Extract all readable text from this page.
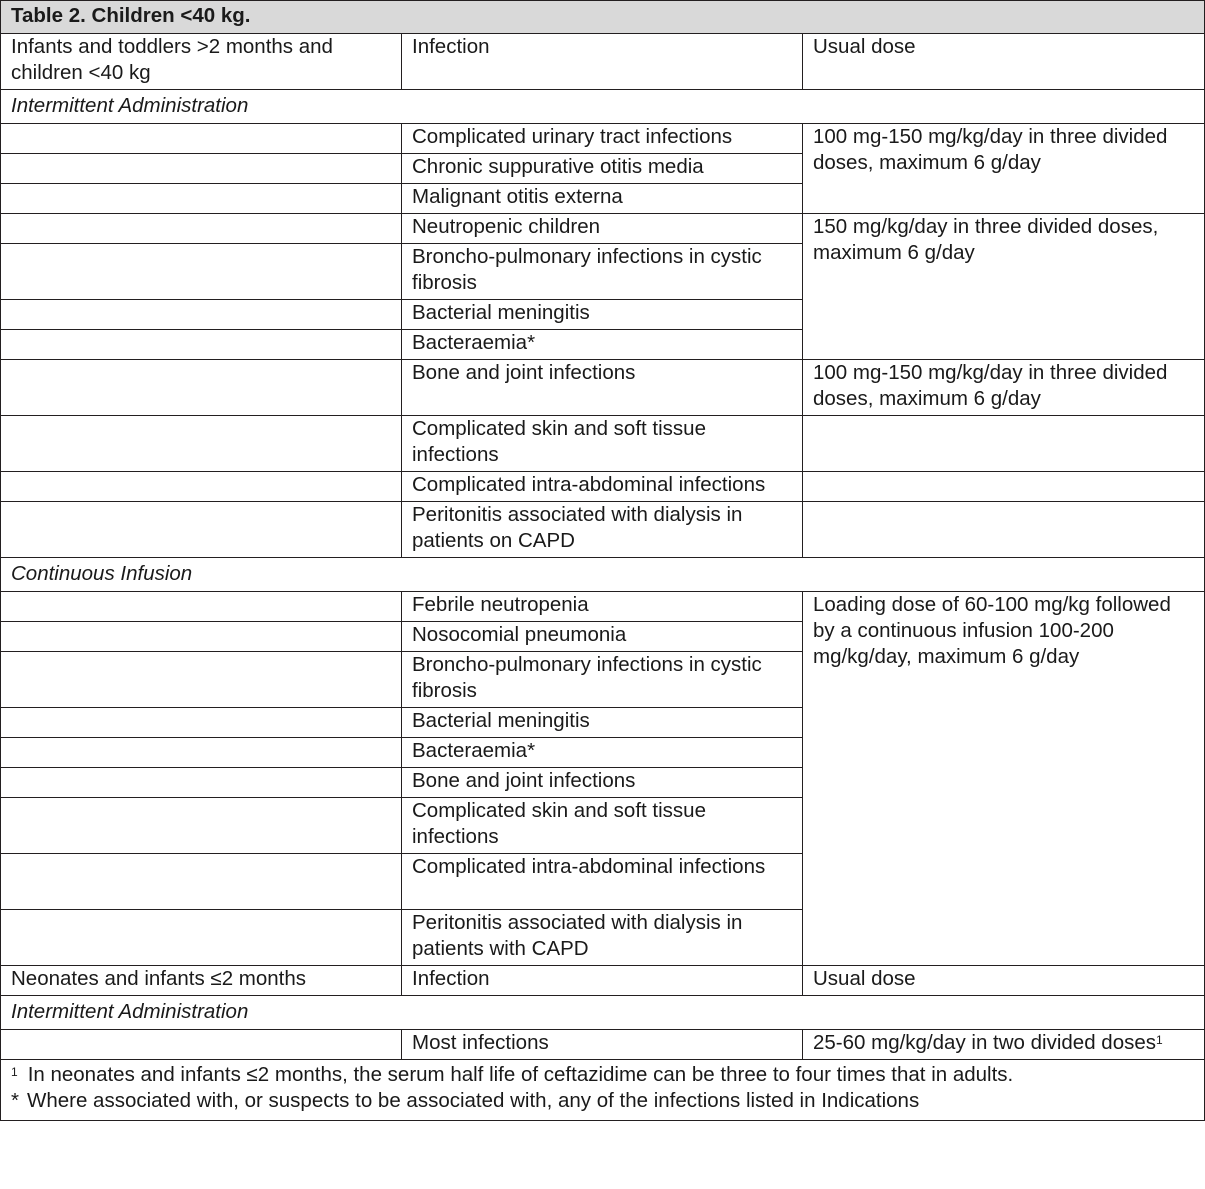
Table 2. Children <40 kg.		
Infants and toddlers >2 months and children <40 kg	Infection	Usual dose
Intermittent Administration		
	Complicated urinary tract infections	100 mg-150 mg/kg/day in three divided doses, maximum 6 g/day
	Chronic suppurative otitis media	
	Malignant otitis externa	
	Neutropenic children	150 mg/kg/day in three divided doses, maximum 6 g/day
	Broncho-pulmonary infections in cystic fibrosis	
	Bacterial meningitis	
	Bacteraemia*	
	Bone and joint infections	100 mg-150 mg/kg/day in three divided doses, maximum 6 g/day
	Complicated skin and soft tissue infections	
	Complicated intra-abdominal infections	
	Peritonitis associated with dialysis in patients on CAPD	
Continuous Infusion		
	Febrile neutropenia	Loading dose of 60-100 mg/kg followed by a continuous infusion 100-200 mg/kg/day, maximum 6 g/day
	Nosocomial pneumonia	
	Broncho-pulmonary infections in cystic fibrosis	
	Bacterial meningitis	
	Bacteraemia*	
	Bone and joint infections	
	Complicated skin and soft tissue infections	
	Complicated intra-abdominal infections	
	Peritonitis associated with dialysis in patients with CAPD	
Neonates and infants ≤2 months	Infection	Usual dose
Intermittent Administration		
	Most infections	25-60 mg/kg/day in two divided doses$^1$

$^1$ In neonates and infants ≤2 months, the serum half life of ceftazidime can be three to four times that in adults.
* Where associated with, or suspects to be associated with, any of the infections listed in Indications		
